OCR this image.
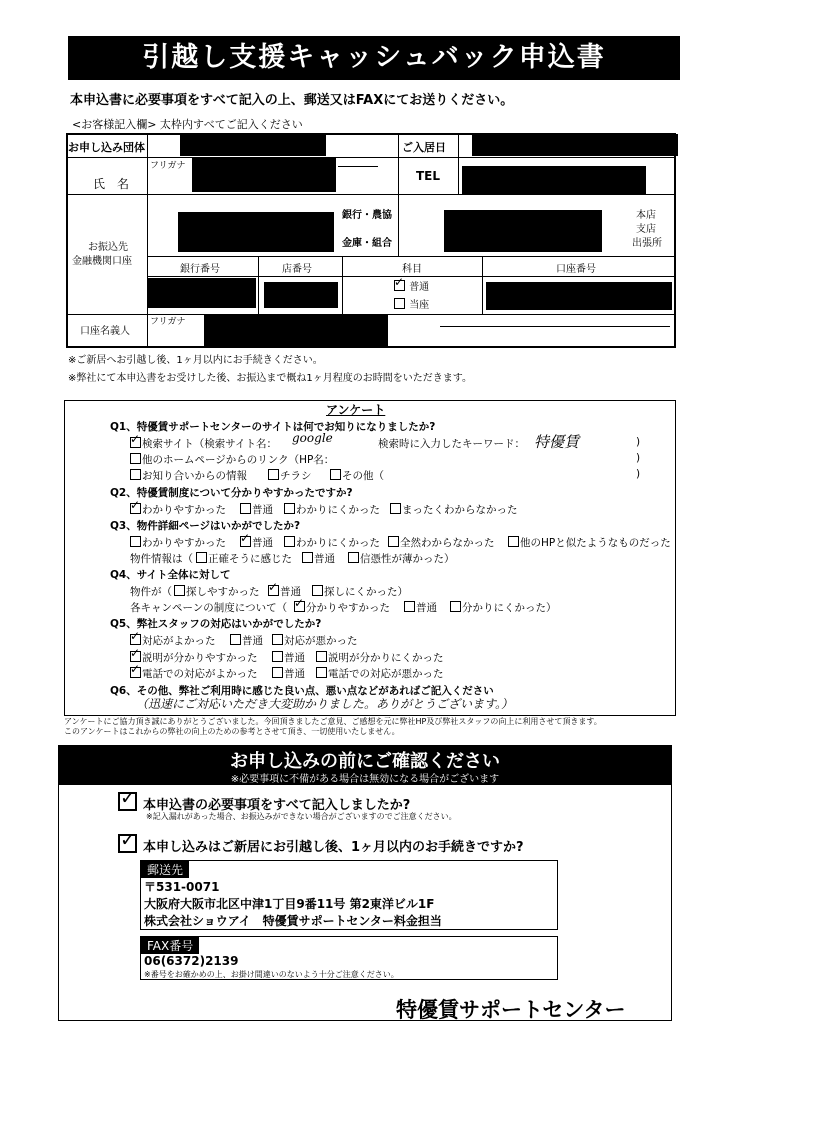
引越し支援キャッシュバック申込書
本申込書に必要事項をすべて記入の上、郵送又はFAXにてお送りください。
<お客様記入欄> 太枠内すべてご記入ください
お申し込み団体	ご入居日
フリガナ
氏　名
TEL
お振込先
金融機関口座
銀行・農協
金庫・組合
本店
支店
出張所
銀行番号	店番号	科目	口座番号
✓ 普通
当座
フリガナ
口座名義人
※ご新居へお引越し後、1ヶ月以内にお手続きください。
※弊社にて本申込書をお受けした後、お振込まで概ね1ヶ月程度のお時間をいただきます。
アンケート
Q1、特優賃サポートセンターのサイトは何でお知りになりましたか?
✓検索サイト（検索サイト名： google	検索時に入力したキーワード： 特優賃	)
他のホームページからのリンク（HP名：	)
お知り合いからの情報	チラシ	その他（	)
Q2、特優賃制度について分かりやすかったですか?
✓わかりやすかった	普通	わかりにくかった	まったくわからなかった
Q3、物件詳細ページはいかがでしたか?
わかりやすかった ✓	普通	わかりにくかった	全然わからなかった	他のHPと似たようなものだった
物件情報は（	正確そうに感じた	普通	信憑性が薄かった）
Q4、サイト全体に対して
物件が（	探しやすかった ✓	普通	探しにくかった）
各キャンペーンの制度について（ ✓	分かりやすかった	普通	分かりにくかった）
Q5、弊社スタッフの対応はいかがでしたか?
✓対応がよかった	普通	対応が悪かった
✓説明が分かりやすかった	普通	説明が分かりにくかった
✓電話での対応がよかった	普通	電話での対応が悪かった
Q6、その他、弊社ご利用時に感じた良い点、悪い点などがあればご記入ください
（迅速にご対応いただき大変助かりました。ありがとうございます。）
アンケートにご協力頂き誠にありがとうございました。今回頂きましたご意見、ご感想を元に弊社HP及び弊社スタッフの向上に利用させて頂きます。
このアンケートはこれからの弊社の向上のための参考とさせて頂き、一切使用いたしません。
お申し込みの前にご確認ください
※必要事項に不備がある場合は無効になる場合がございます
✓本申込書の必要事項をすべて記入しましたか?
※記入漏れがあった場合、お振込みができない場合がございますのでご注意ください。
✓本申し込みはご新居にお引越し後、1ヶ月以内のお手続きですか?
郵送先
〒531-0071
大阪府大阪市北区中津1丁目9番11号 第2東洋ビル1F
株式会社ショウアイ　特優賃サポートセンター料金担当
FAX番号
06(6372)2139
※番号をお確かめの上、お掛け間違いのないよう十分ご注意ください。
特優賃サポートセンター
